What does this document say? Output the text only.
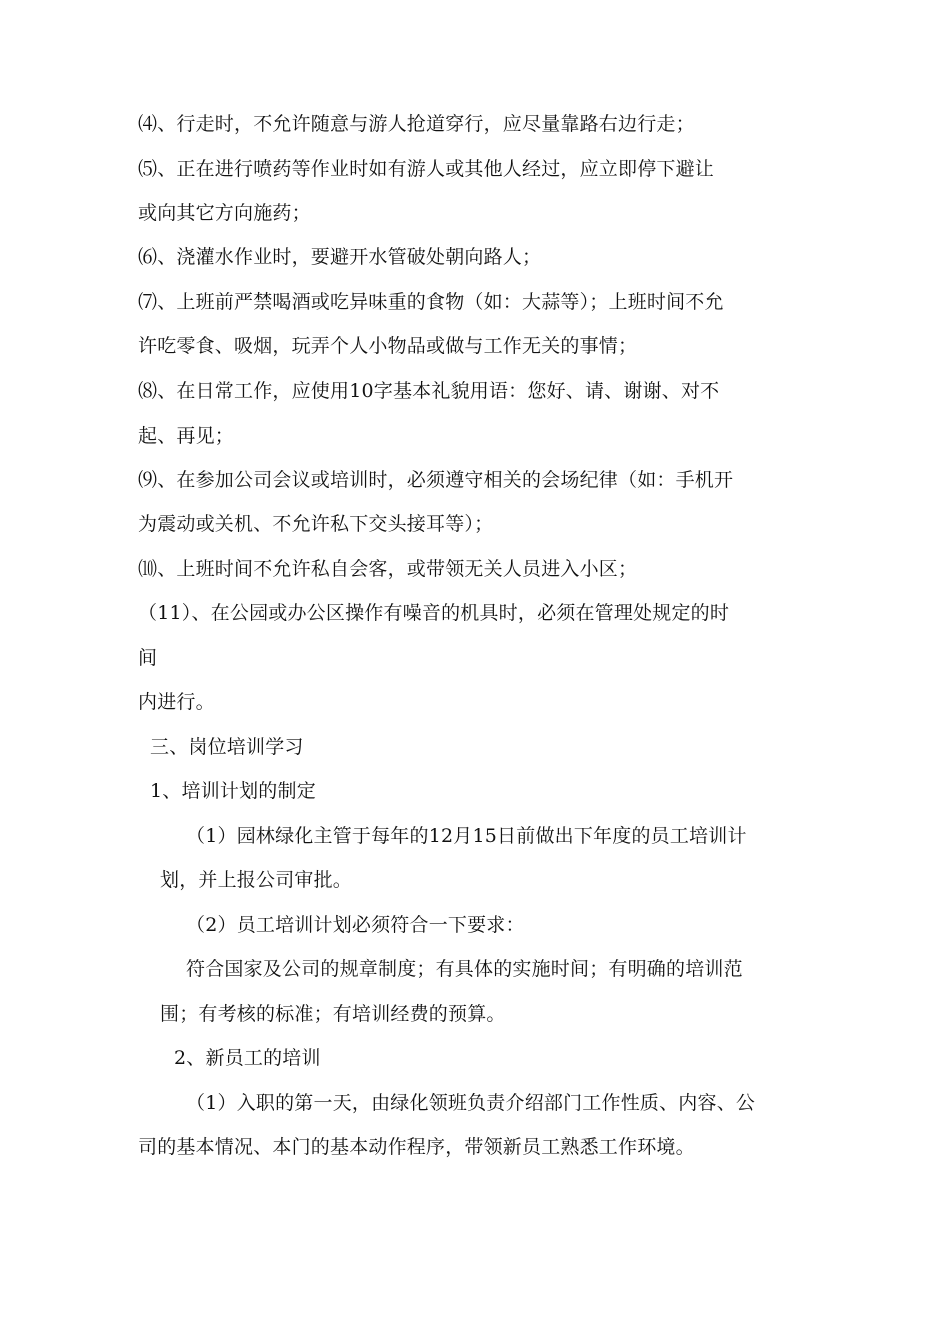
⑷、行走时，不允许随意与游人抢道穿行，应尽量靠路右边行走；
⑸、正在进行喷药等作业时如有游人或其他人经过，应立即停下避让
或向其它方向施药；
⑹、浇灌水作业时，要避开水管破处朝向路人；
⑺、上班前严禁喝酒或吃异味重的食物（如：大蒜等）；上班时间不允
许吃零食、吸烟，玩弄个人小物品或做与工作无关的事情；
⑻、在日常工作，应使用10字基本礼貌用语：您好、请、谢谢、对不
起、再见；
⑼、在参加公司会议或培训时，必须遵守相关的会场纪律（如：手机开
为震动或关机、不允许私下交头接耳等）；
⑽、上班时间不允许私自会客，或带领无关人员进入小区；
（11）、在公园或办公区操作有噪音的机具时，必须在管理处规定的时
间
内进行。
三、岗位培训学习
1、培训计划的制定
（1）园林绿化主管于每年的12月15日前做出下年度的员工培训计
划，并上报公司审批。
（2）员工培训计划必须符合一下要求：
符合国家及公司的规章制度；有具体的实施时间；有明确的培训范
围；有考核的标准；有培训经费的预算。
2、新员工的培训
（1）入职的第一天，由绿化领班负责介绍部门工作性质、内容、公
司的基本情况、本门的基本动作程序，带领新员工熟悉工作环境。
